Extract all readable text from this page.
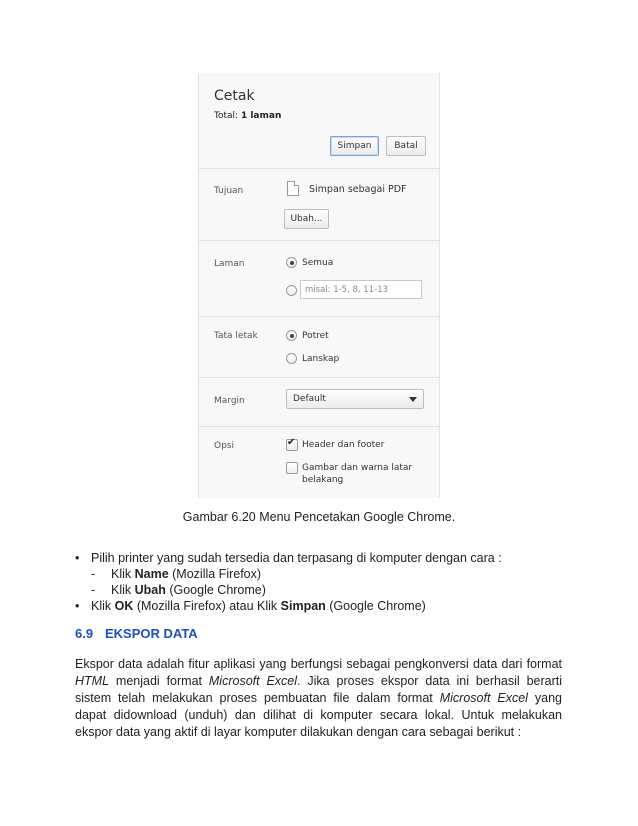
Cetak
Total: 1 laman
Simpan	Batal
Tujuan	Simpan sebagai PDF
Ubah...
Laman	Semua
misal: 1-5, 8, 11-13
Tata letak	Potret
Lanskap
Margin	Default
Opsi
✔	Header dan footer
Gambar dan warna latar
belakang
Gambar 6.20 Menu Pencetakan Google Chrome.
• Pilih printer yang sudah tersedia dan terpasang di komputer dengan cara :
- Klik Name (Mozilla Firefox)
- Klik Ubah (Google Chrome)
• Klik OK (Mozilla Firefox) atau Klik Simpan (Google Chrome)
6.9 EKSPOR DATA

Ekspor data adalah fitur aplikasi yang berfungsi sebagai pengkonversi data dari format HTML menjadi format Microsoft Excel. Jika proses ekspor data ini berhasil berarti sistem telah melakukan proses pembuatan file dalam format Microsoft Excel yang dapat didownload (unduh) dan dilihat di komputer secara lokal. Untuk melakukan ekspor data yang aktif di layar komputer dilakukan dengan cara sebagai berikut :
